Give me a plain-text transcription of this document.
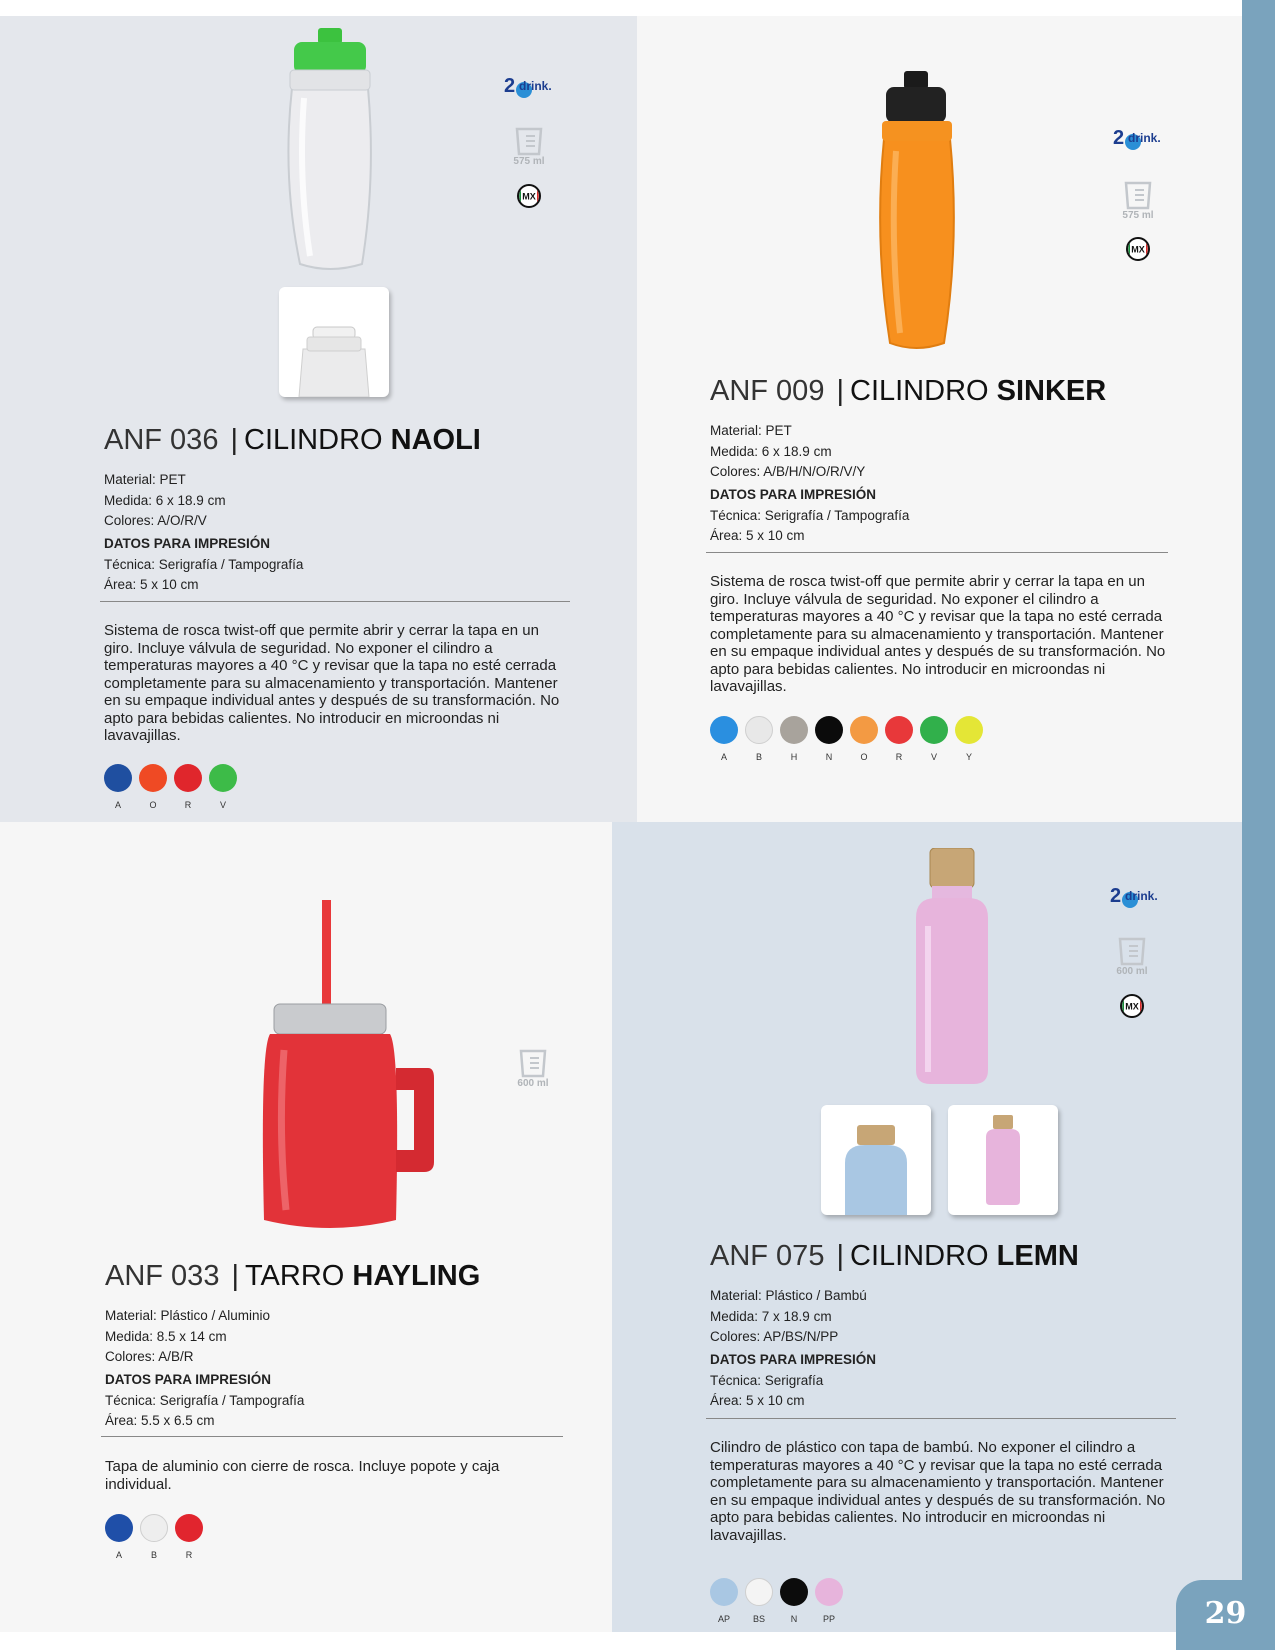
2 drink.
575 ml
MX
ANF 036 | CILINDRO NAOLI
Material: PET
Medida: 6 x 18.9 cm
Colores: A/O/R/V
DATOS PARA IMPRESIÓN
Técnica: Serigrafía / Tampografía
Área: 5 x 10 cm
Sistema de rosca twist-off que permite abrir y cerrar la tapa en un giro. Incluye válvula de seguridad. No exponer el cilindro a temperaturas mayores a 40 °C y revisar que la tapa no esté cerrada completamente para su almacenamiento y transportación. Mantener en su empaque individual antes y después de su transformación. No apto para bebidas calientes. No introducir en microondas ni lavavajillas.
A	O	R	V
2 drink.
575 ml
MX
ANF 009 | CILINDRO SINKER
Material: PET
Medida: 6 x 18.9 cm
Colores: A/B/H/N/O/R/V/Y
DATOS PARA IMPRESIÓN
Técnica: Serigrafía / Tampografía
Área: 5 x 10 cm
Sistema de rosca twist-off que permite abrir y cerrar la tapa en un giro. Incluye válvula de seguridad. No exponer el cilindro a temperaturas mayores a 40 °C y revisar que la tapa no esté cerrada completamente para su almacenamiento y transportación. Mantener en su empaque individual antes y después de su transformación. No apto para bebidas calientes. No introducir en microondas ni lavavajillas.
A	B	H	N	O	R	V	Y
600 ml
ANF 033 | TARRO HAYLING
Material: Plástico / Aluminio
Medida: 8.5 x 14 cm
Colores: A/B/R
DATOS PARA IMPRESIÓN
Técnica: Serigrafía / Tampografía
Área: 5.5 x 6.5 cm
Tapa de aluminio con cierre de rosca. Incluye popote y caja individual.
A	B	R
2 drink.
600 ml
MX
ANF 075 | CILINDRO LEMN
Material: Plástico / Bambú
Medida: 7 x 18.9 cm
Colores: AP/BS/N/PP
DATOS PARA IMPRESIÓN
Técnica: Serigrafía
Área: 5 x 10 cm
Cilindro de plástico con tapa de bambú. No exponer el cilindro a temperaturas mayores a 40 °C y revisar que la tapa no esté cerrada completamente para su almacenamiento y transportación. Mantener en su empaque individual antes y después de su transformación. No apto para bebidas calientes. No introducir en microondas ni lavavajillas.
AP	BS	N	PP	29
